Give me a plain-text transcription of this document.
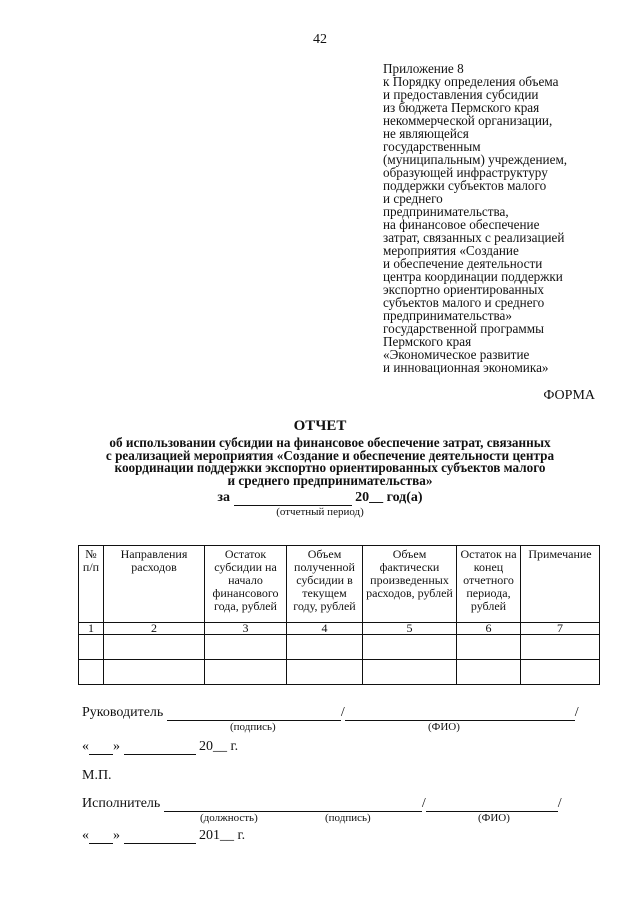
42
Приложение 8
к Порядку определения объема
и предоставления субсидии
из бюджета Пермского края
некоммерческой организации,
не являющейся
государственным
(муниципальным) учреждением,
образующей инфраструктуру
поддержки субъектов малого
и среднего
предпринимательства,
на финансовое обеспечение
затрат, связанных с реализацией
мероприятия «Создание
и обеспечение деятельности
центра координации поддержки
экспортно ориентированных
субъектов малого и среднего
предпринимательства»
государственной программы
Пермского края
«Экономическое развитие
и инновационная экономика»
ФОРМА
ОТЧЕТ
об использовании субсидии на финансовое обеспечение затрат, связанных
с реализацией мероприятия «Создание и обеспечение деятельности центра
координации поддержки экспортно ориентированных субъектов малого
и среднего предпринимательства»
за	20__ год(а)
(отчетный период)
№ п/п	Направления расходов	Остаток субсидии на начало финансового года, рублей	Объем полученной субсидии в текущем году, рублей	Объем фактически произведенных расходов, рублей	Остаток на конец отчетного периода, рублей	Примечание
1	2	3	4	5	6	7

Руководитель	/	/
(подпись)	(ФИО)
« »	20__ г.
М.П.
Исполнитель	/	/
(должность)	(подпись)	(ФИО)
« »	201__ г.
